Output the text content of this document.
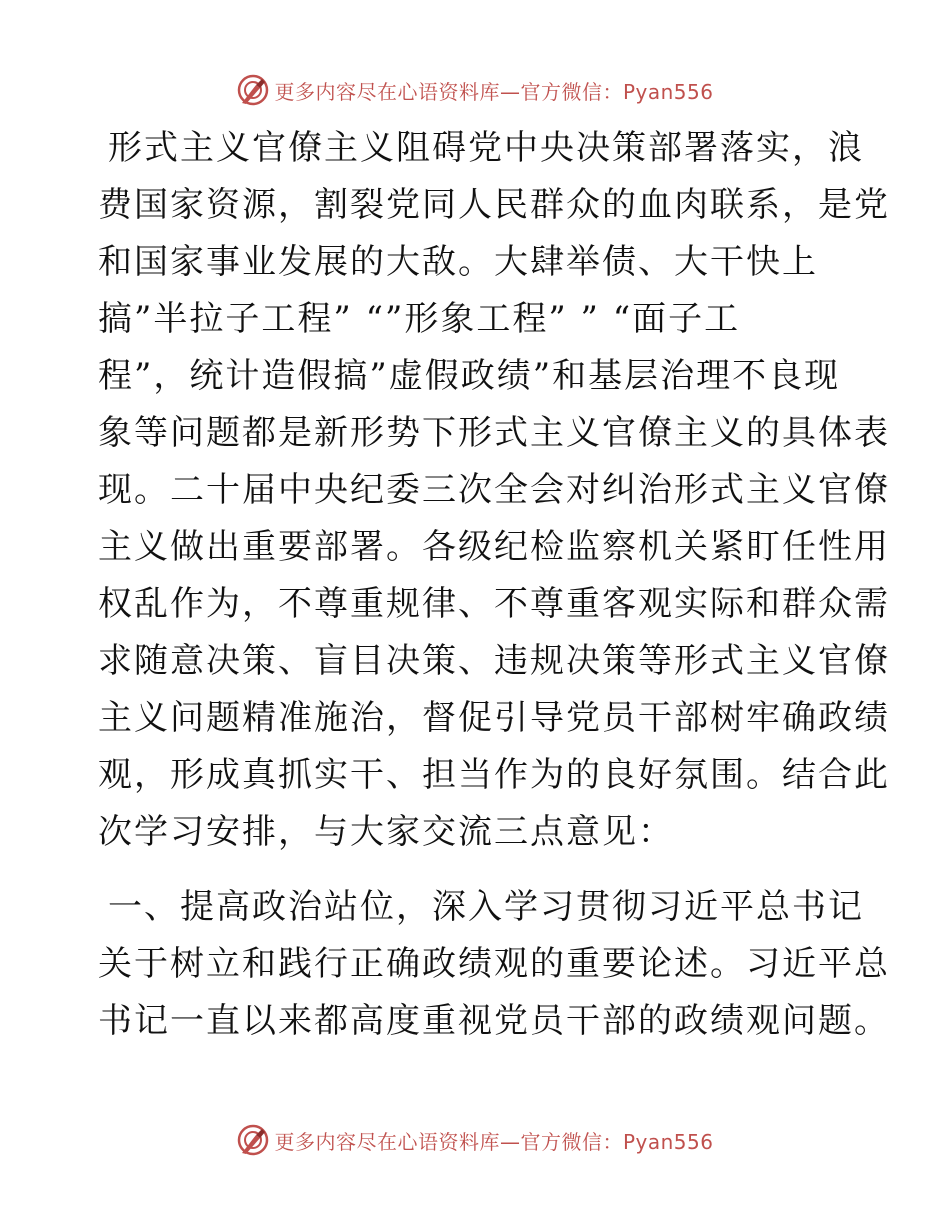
更多内容尽在心语资料库—官方微信：Pyan556
形式主义官僚主义阻碍党中央决策部署落实，浪
费国家资源，割裂党同人民群众的血肉联系，是党
和国家事业发展的大敌。大肆举债、大干快上
搞”半拉子工程” “”形象工程” ” “面子工
程”，统计造假搞”虚假政绩”和基层治理不良现
象等问题都是新形势下形式主义官僚主义的具体表
现。二十届中央纪委三次全会对纠治形式主义官僚
主义做出重要部署。各级纪检监察机关紧盯任性用
权乱作为，不尊重规律、不尊重客观实际和群众需
求随意决策、盲目决策、违规决策等形式主义官僚
主义问题精准施治，督促引导党员干部树牢确政绩
观，形成真抓实干、担当作为的良好氛围。结合此
次学习安排，与大家交流三点意见：
一、提高政治站位，深入学习贯彻习近平总书记
关于树立和践行正确政绩观的重要论述。习近平总
书记一直以来都高度重视党员干部的政绩观问题。
更多内容尽在心语资料库—官方微信：Pyan556
